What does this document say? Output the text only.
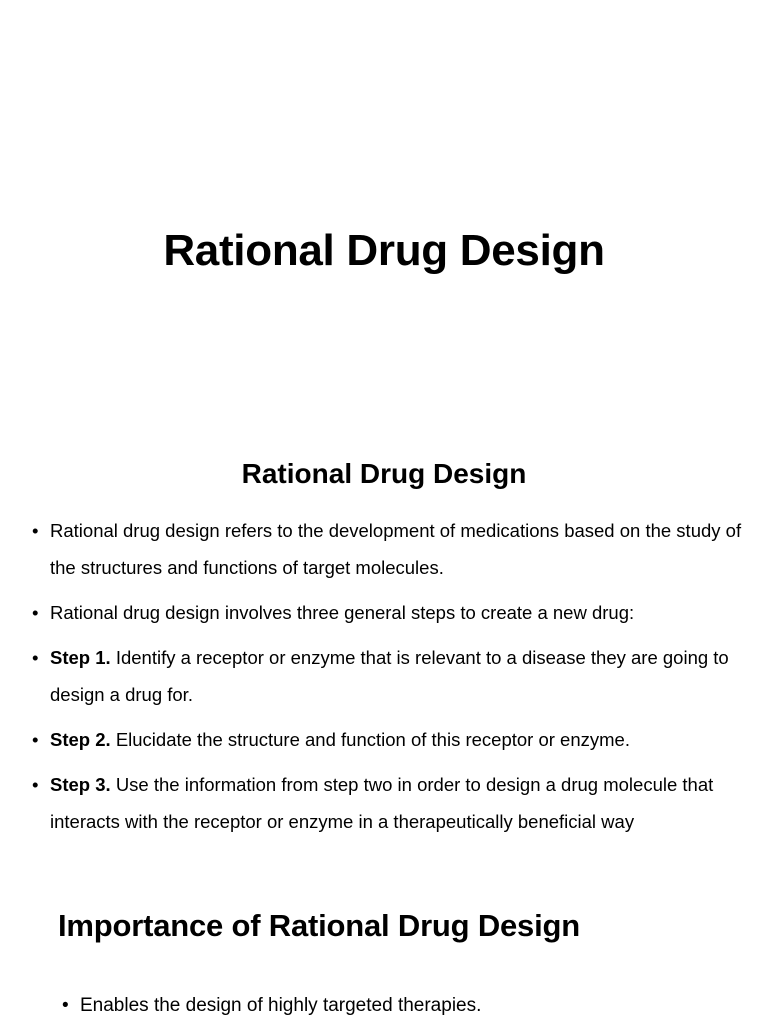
Rational Drug Design
Rational Drug Design
• Rational drug design refers to the development of medications based on the study of the structures and functions of target molecules.
• Rational drug design involves three general steps to create a new drug:
• Step 1. Identify a receptor or enzyme that is relevant to a disease they are going to design a drug for.
• Step 2. Elucidate the structure and function of this receptor or enzyme.
• Step 3. Use the information from step two in order to design a drug molecule that interacts with the receptor or enzyme in a therapeutically beneficial way
Importance of Rational Drug Design
• Enables the design of highly targeted therapies.
